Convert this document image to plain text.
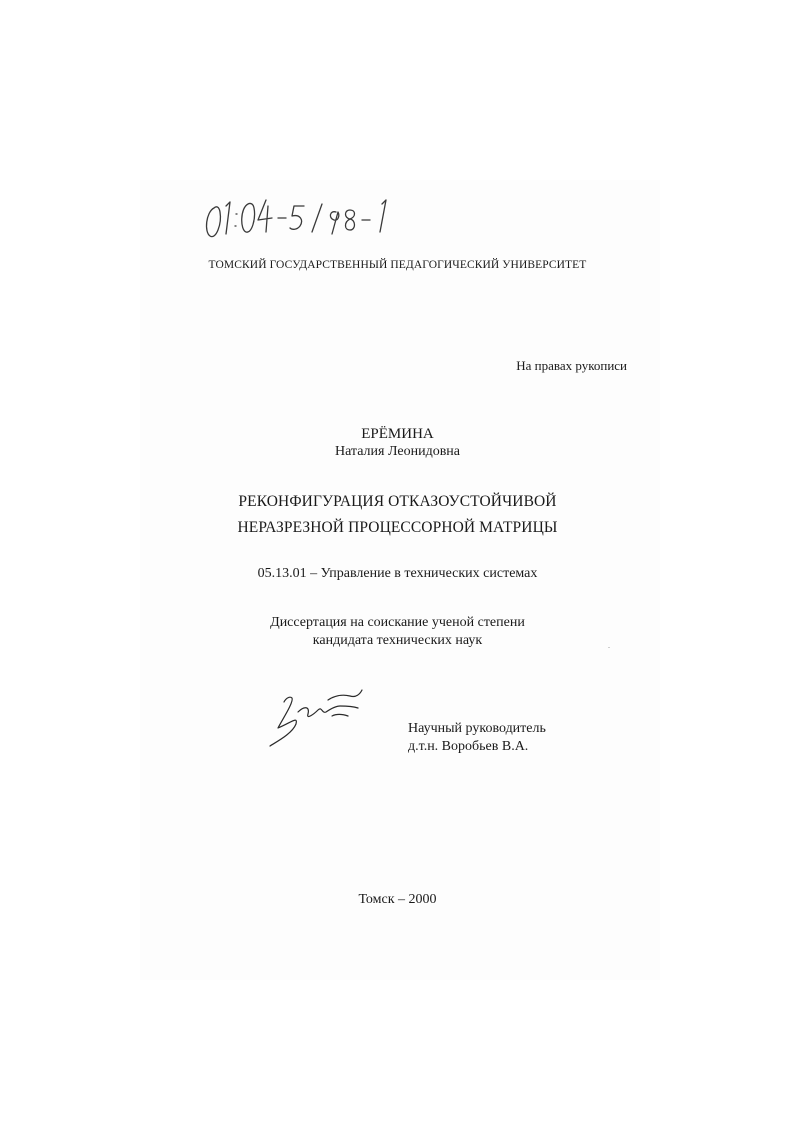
ТОМСКИЙ ГОСУДАРСТВЕННЫЙ ПЕДАГОГИЧЕСКИЙ УНИВЕРСИТЕТ
На правах рукописи
ЕРЁМИНА
Наталия Леонидовна
РЕКОНФИГУРАЦИЯ ОТКАЗОУСТОЙЧИВОЙ
НЕРАЗРЕЗНОЙ ПРОЦЕССОРНОЙ МАТРИЦЫ
05.13.01 – Управление в технических системах
Диссертация на соискание ученой степени
кандидата технических наук
Научный руководитель
д.т.н. Воробьев В.А.
Томск – 2000
